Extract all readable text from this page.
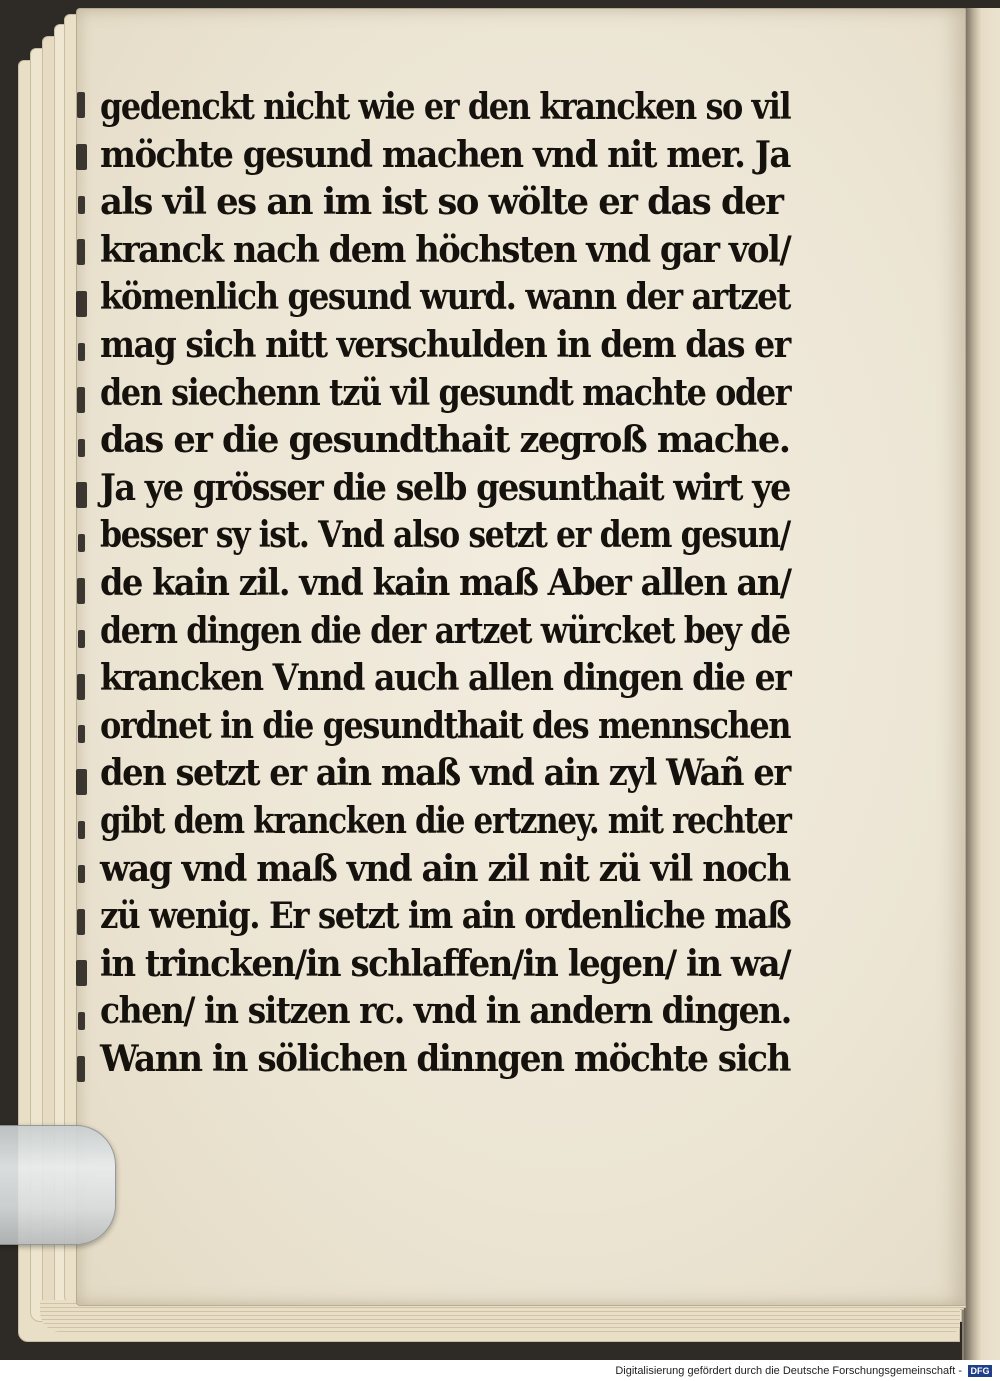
gedenckt nicht wie er den krancken so vil
möchte gesund machen vnd nit mer. Ja
als vil es an im ist so wölte er das der
kranck nach dem höchsten vnd gar vol/
kömenlich gesund wurd. wann der artzet
mag sich nitt verschulden in dem das er
den siechenn tzü vil gesundt machte oder
das er die gesundthait zegroß mache.
Ja ye grösser die selb gesunthait wirt ye
besser sy ist. Vnd also setzt er dem gesun/
de kain zil. vnd kain maß Aber allen an/
dern dingen die der artzet würcket bey dē
krancken Vnnd auch allen dingen die er
ordnet in die gesundthait des mennschen
den setzt er ain maß vnd ain zyl Wañ er
gibt dem krancken die ertzney. mit rechter
wag vnd maß vnd ain zil nit zü vil noch
zü wenig. Er setzt im ain ordenliche maß
in trincken/in schlaffen/in legen/ in wa/
chen/ in sitzen rc. vnd in andern dingen.
Wann in sölichen dinngen möchte sich
Digitalisierung gefördert durch die Deutsche Forschungsgemeinschaft - DFG
